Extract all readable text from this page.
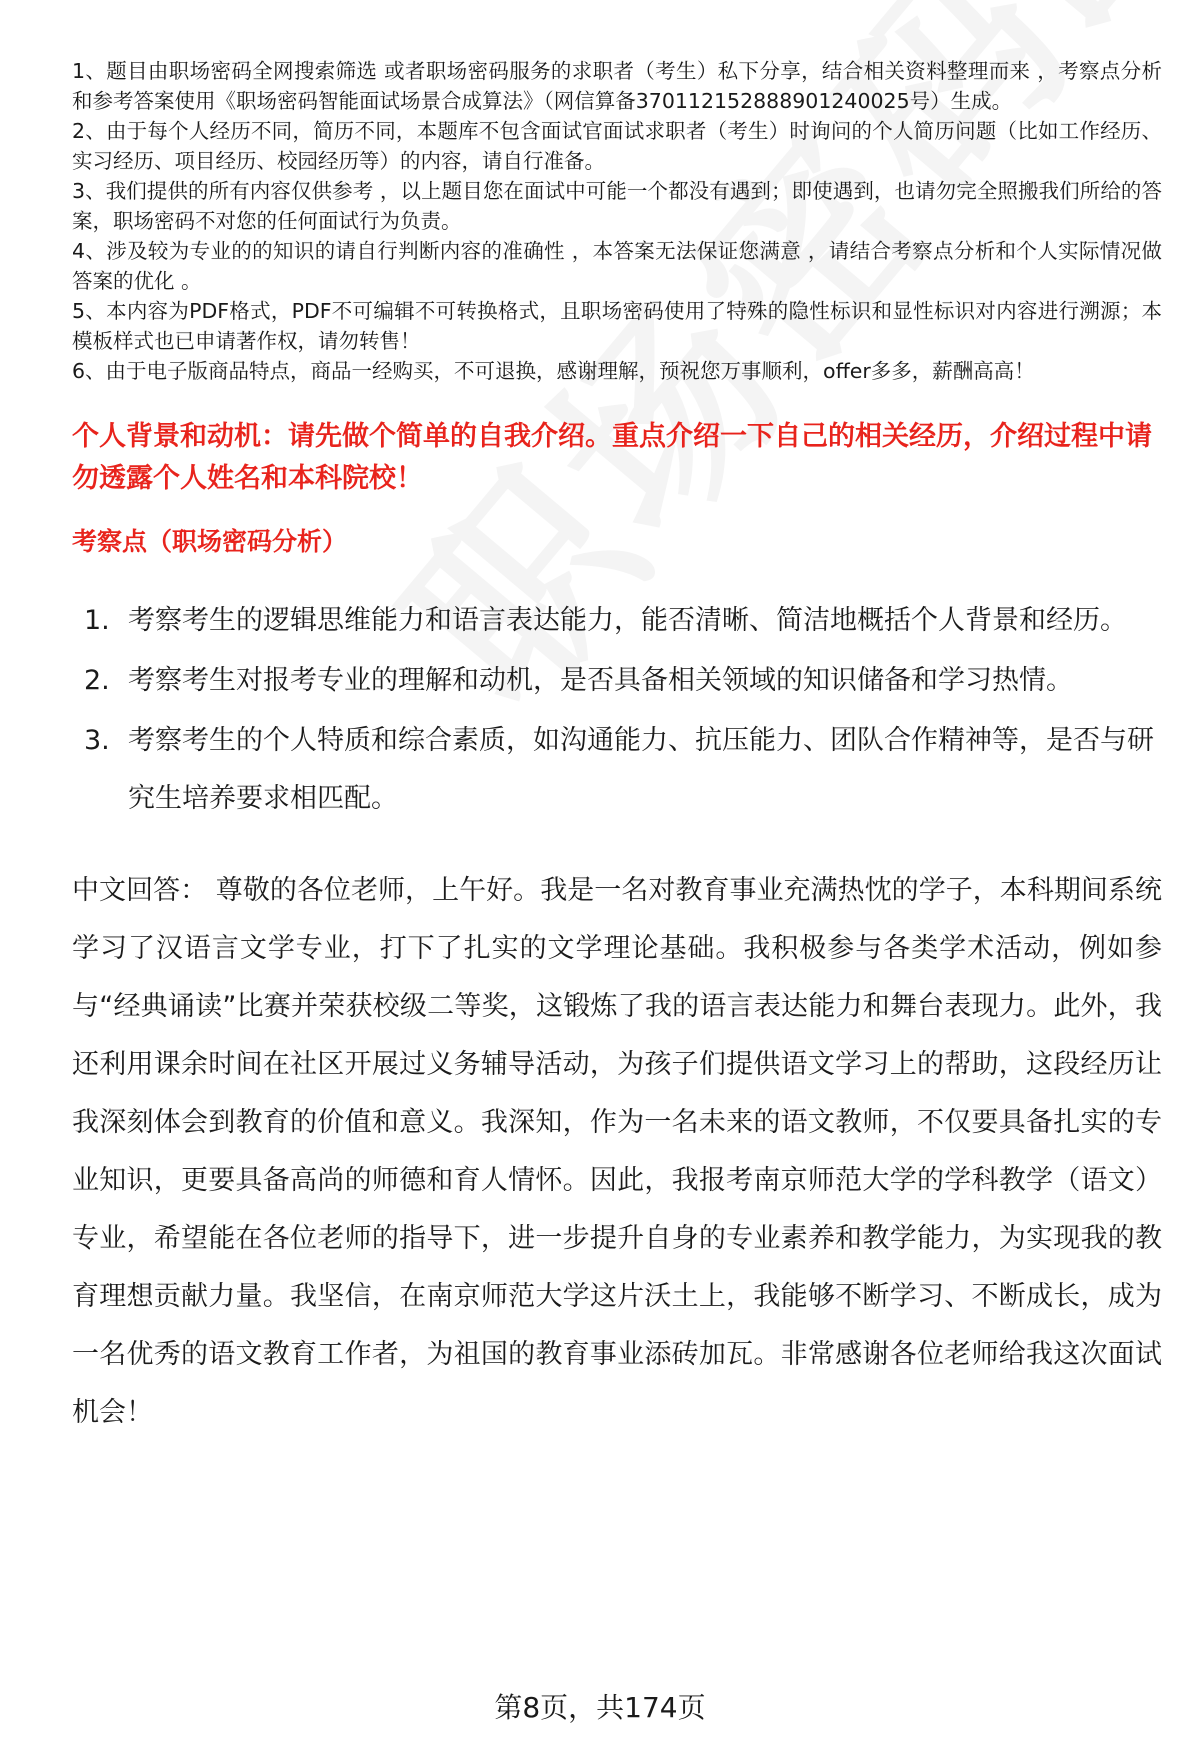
1、题目由职场密码全网搜索筛选 或者职场密码服务的求职者（考生）私下分享，结合相关资料整理而来 ，考察点分析和参考答案使用《职场密码智能面试场景合成算法》（网信算备370112152888901240025号）生成。

2、由于每个人经历不同，简历不同，本题库不包含面试官面试求职者（考生）时询问的个人简历问题（比如工作经历、实习经历、项目经历、校园经历等）的内容，请自行准备。

3、我们提供的所有内容仅供参考 ，以上题目您在面试中可能一个都没有遇到；即使遇到，也请勿完全照搬我们所给的答案，职场密码不对您的任何面试行为负责。

4、涉及较为专业的的知识的请自行判断内容的准确性 ，本答案无法保证您满意 ，请结合考察点分析和个人实际情况做答案的优化 。

5、本内容为PDF格式，PDF不可编辑不可转换格式，且职场密码使用了特殊的隐性标识和显性标识对内容进行溯源；本模板样式也已申请著作权，请勿转售！

6、由于电子版商品特点，商品一经购买，不可退换，感谢理解，预祝您万事顺利，offer多多，薪酬高高！

个人背景和动机：请先做个简单的自我介绍。重点介绍一下自己的相关经历，介绍过程中请勿透露个人姓名和本科院校！
考察点（职场密码分析）
1. 考察考生的逻辑思维能力和语言表达能力，能否清晰、简洁地概括个人背景和经历。
2. 考察考生对报考专业的理解和动机，是否具备相关领域的知识储备和学习热情。
3. 考察考生的个人特质和综合素质，如沟通能力、抗压能力、团队合作精神等，是否与研究生培养要求相匹配。

中文回答： 尊敬的各位老师，上午好。我是一名对教育事业充满热忱的学子，本科期间系统学习了汉语言文学专业，打下了扎实的文学理论基础。我积极参与各类学术活动，例如参与“经典诵读”比赛并荣获校级二等奖，这锻炼了我的语言表达能力和舞台表现力。此外，我还利用课余时间在社区开展过义务辅导活动，为孩子们提供语文学习上的帮助，这段经历让我深刻体会到教育的价值和意义。我深知，作为一名未来的语文教师，不仅要具备扎实的专业知识，更要具备高尚的师德和育人情怀。因此，我报考南京师范大学的学科教学（语文）专业，希望能在各位老师的指导下，进一步提升自身的专业素养和教学能力，为实现我的教育理想贡献力量。我坚信，在南京师范大学这片沃土上，我能够不断学习、不断成长，成为一名优秀的语文教育工作者，为祖国的教育事业添砖加瓦。非常感谢各位老师给我这次面试机会！

第8页，共174页
